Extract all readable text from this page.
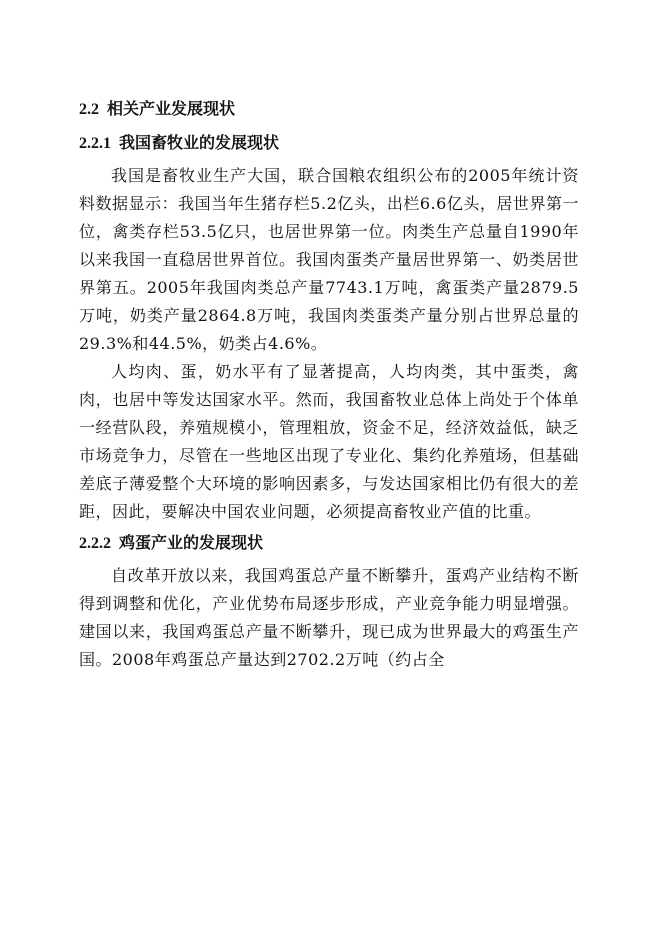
2.2 相关产业发展现状
2.2.1 我国畜牧业的发展现状

我国是畜牧业生产大国，联合国粮农组织公布的2005年统计资料数据显示：我国当年生猪存栏5.2亿头，出栏6.6亿头，居世界第一位，禽类存栏53.5亿只，也居世界第一位。肉类生产总量自1990年以来我国一直稳居世界首位。我国肉蛋类产量居世界第一、奶类居世界第五。2005年我国肉类总产量7743.1万吨，禽蛋类产量2879.5万吨，奶类产量2864.8万吨，我国肉类蛋类产量分别占世界总量的29.3%和44.5%，奶类占4.6%。

人均肉、蛋，奶水平有了显著提高，人均肉类，其中蛋类，禽肉，也居中等发达国家水平。然而，我国畜牧业总体上尚处于个体单一经营队段，养殖规模小，管理粗放，资金不足，经济效益低，缺乏市场竞争力，尽管在一些地区出现了专业化、集约化养殖场，但基础差底子薄爱整个大环境的影响因素多，与发达国家相比仍有很大的差距，因此，要解决中国农业问题，必须提高畜牧业产值的比重。

2.2.2 鸡蛋产业的发展现状

自改革开放以来，我国鸡蛋总产量不断攀升，蛋鸡产业结构不断得到调整和优化，产业优势布局逐步形成，产业竞争能力明显增强。建国以来，我国鸡蛋总产量不断攀升，现已成为世界最大的鸡蛋生产国。2008年鸡蛋总产量达到2702.2万吨（约占全
